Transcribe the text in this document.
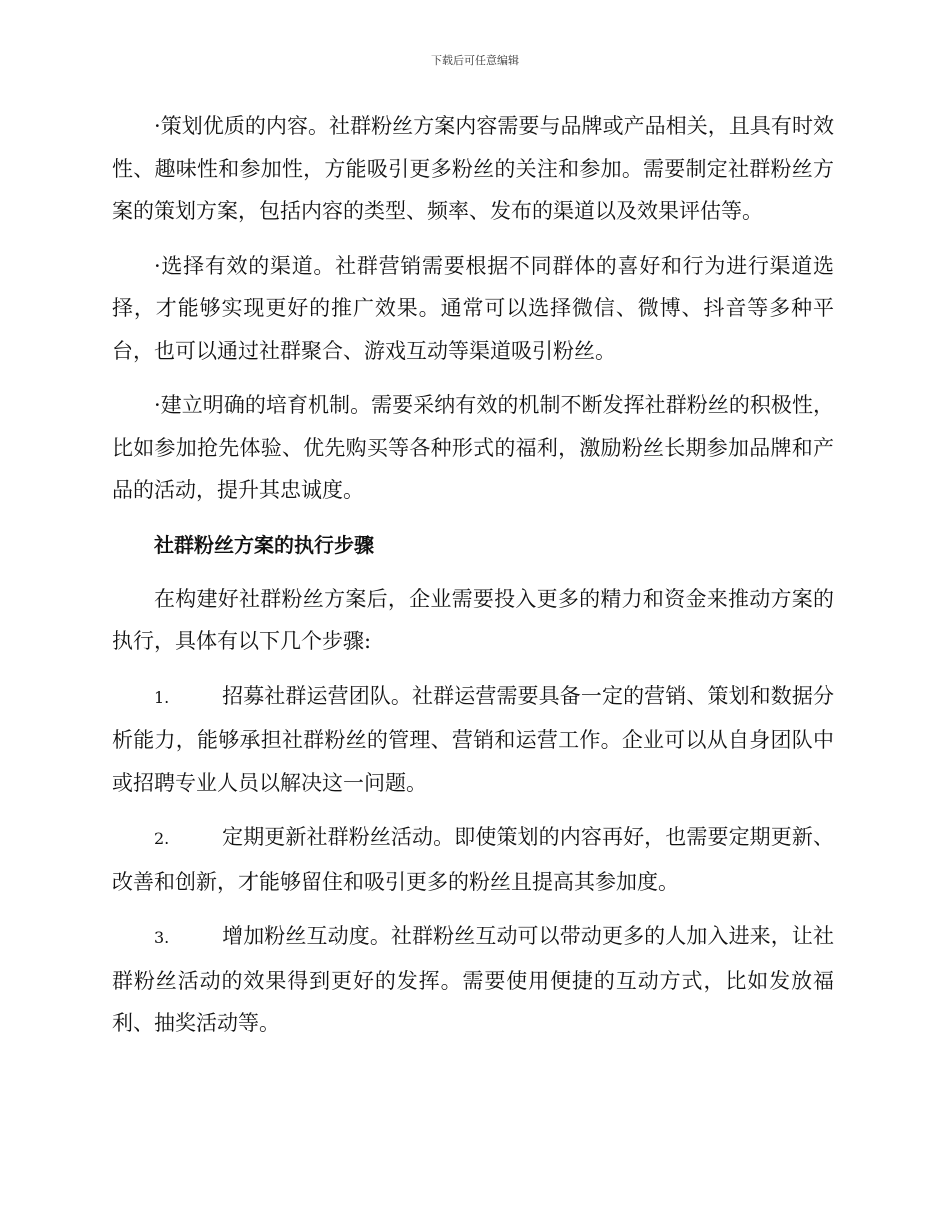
下载后可任意编辑

·策划优质的内容。社群粉丝方案内容需要与品牌或产品相关，且具有时效性、趣味性和参加性，方能吸引更多粉丝的关注和参加。需要制定社群粉丝方案的策划方案，包括内容的类型、频率、发布的渠道以及效果评估等。

·选择有效的渠道。社群营销需要根据不同群体的喜好和行为进行渠道选择，才能够实现更好的推广效果。通常可以选择微信、微博、抖音等多种平台，也可以通过社群聚合、游戏互动等渠道吸引粉丝。

·建立明确的培育机制。需要采纳有效的机制不断发挥社群粉丝的积极性，比如参加抢先体验、优先购买等各种形式的福利，激励粉丝长期参加品牌和产品的活动，提升其忠诚度。

社群粉丝方案的执行步骤

在构建好社群粉丝方案后，企业需要投入更多的精力和资金来推动方案的执行，具体有以下几个步骤:

1.	招募社群运营团队。社群运营需要具备一定的营销、策划和数据分析能力，能够承担社群粉丝的管理、营销和运营工作。企业可以从自身团队中或招聘专业人员以解决这一问题。

2.	定期更新社群粉丝活动。即使策划的内容再好，也需要定期更新、改善和创新，才能够留住和吸引更多的粉丝且提高其参加度。

3.	增加粉丝互动度。社群粉丝互动可以带动更多的人加入进来，让社群粉丝活动的效果得到更好的发挥。需要使用便捷的互动方式，比如发放福利、抽奖活动等。
